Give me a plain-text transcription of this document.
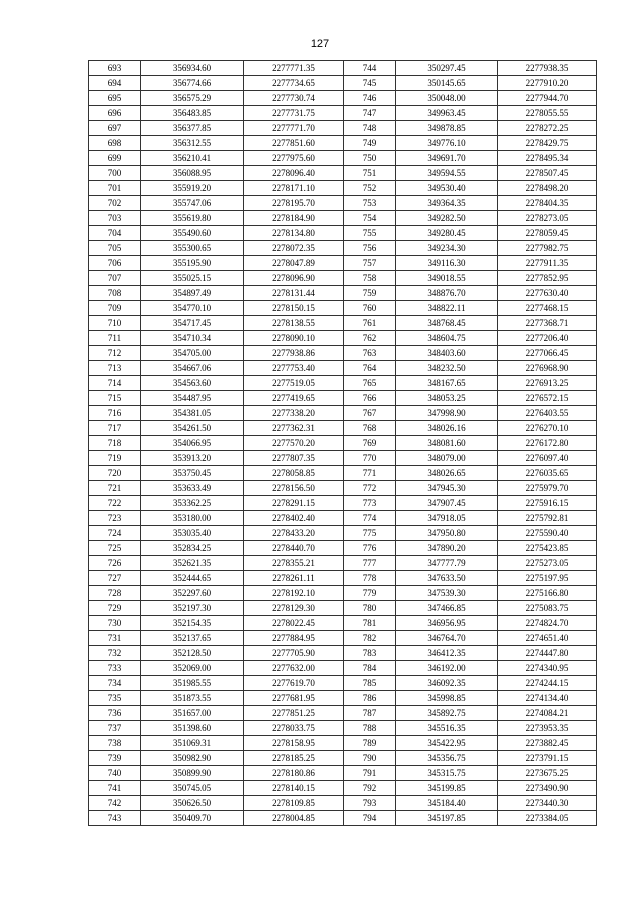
127
693	356934.60	2277771.35
694	356774.66	2277734.65
695	356575.29	2277730.74
696	356483.85	2277731.75
697	356377.85	2277771.70
698	356312.55	2277851.60
699	356210.41	2277975.60
700	356088.95	2278096.40
701	355919.20	2278171.10
702	355747.06	2278195.70
703	355619.80	2278184.90
704	355490.60	2278134.80
705	355300.65	2278072.35
706	355195.90	2278047.89
707	355025.15	2278096.90
708	354897.49	2278131.44
709	354770.10	2278150.15
710	354717.45	2278138.55
711	354710.34	2278090.10
712	354705.00	2277938.86
713	354667.06	2277753.40
714	354563.60	2277519.05
715	354487.95	2277419.65
716	354381.05	2277338.20
717	354261.50	2277362.31
718	354066.95	2277570.20
719	353913.20	2277807.35
720	353750.45	2278058.85
721	353633.49	2278156.50
722	353362.25	2278291.15
723	353180.00	2278402.40
724	353035.40	2278433.20
725	352834.25	2278440.70
726	352621.35	2278355.21
727	352444.65	2278261.11
728	352297.60	2278192.10
729	352197.30	2278129.30
730	352154.35	2278022.45
731	352137.65	2277884.95
732	352128.50	2277705.90
733	352069.00	2277632.00
734	351985.55	2277619.70
735	351873.55	2277681.95
736	351657.00	2277851.25
737	351398.60	2278033.75
738	351069.31	2278158.95
739	350982.90	2278185.25
740	350899.90	2278180.86
741	350745.05	2278140.15
742	350626.50	2278109.85
743	350409.70	2278004.85
744	350297.45	2277938.35
745	350145.65	2277910.20
746	350048.00	2277944.70
747	349963.45	2278055.55
748	349878.85	2278272.25
749	349776.10	2278429.75
750	349691.70	2278495.34
751	349594.55	2278507.45
752	349530.40	2278498.20
753	349364.35	2278404.35
754	349282.50	2278273.05
755	349280.45	2278059.45
756	349234.30	2277982.75
757	349116.30	2277911.35
758	349018.55	2277852.95
759	348876.70	2277630.40
760	348822.11	2277468.15
761	348768.45	2277368.71
762	348604.75	2277206.40
763	348403.60	2277066.45
764	348232.50	2276968.90
765	348167.65	2276913.25
766	348053.25	2276572.15
767	347998.90	2276403.55
768	348026.16	2276270.10
769	348081.60	2276172.80
770	348079.00	2276097.40
771	348026.65	2276035.65
772	347945.30	2275979.70
773	347907.45	2275916.15
774	347918.05	2275792.81
775	347950.80	2275590.40
776	347890.20	2275423.85
777	347777.79	2275273.05
778	347633.50	2275197.95
779	347539.30	2275166.80
780	347466.85	2275083.75
781	346956.95	2274824.70
782	346764.70	2274651.40
783	346412.35	2274447.80
784	346192.00	2274340.95
785	346092.35	2274244.15
786	345998.85	2274134.40
787	345892.75	2274084.21
788	345516.35	2273953.35
789	345422.95	2273882.45
790	345356.75	2273791.15
791	345315.75	2273675.25
792	345199.85	2273490.90
793	345184.40	2273440.30
794	345197.85	2273384.05
